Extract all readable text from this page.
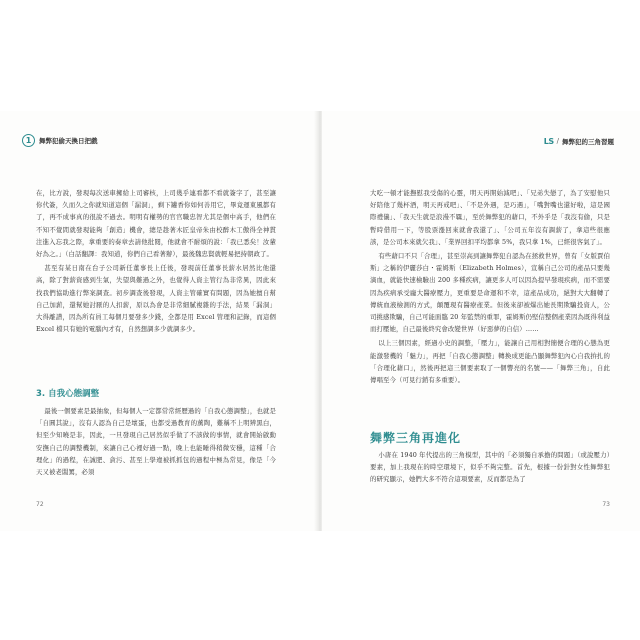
1	舞弊犯偷天換日把戲

在，比方說，發現每次送車擁給上司審核，上司幾乎連看都不看就簽字了，甚至讓你代簽，久而久之你就知道這個「漏洞」，剩下罐香你如何善用它，畢竟運東風都有了，再不成事真的很說不過去。明明有權勢的官官職忠智尤其是個中高手，他們在不知不覺間就發現能夠「創造」機會，總是趁著木匠皇帝朱由校醉木工傲得全神貫注進入忘我之際，拿重要的奏章去請他批閱，他就會不耐煩的說：「我已悉矣！汝輩好為之。」（白話翻譯：我知道，你們自己看著辦），最後魏忠賢就輕易把持朝政了。

甚至有某日南在台子公司新任董事長上任後，發現前任董事長薪水居然比他還高，除了對薪資感到生氣，失望與難過之外，也覺得人資主管行為非常異，因此來找我們協助進行弊案調查。初步調查後發現，人資主管確實有問題，因為她擅自幫自己加薪，還幫她討厭的人扣薪，原以為會是非常細膩複雜的手法，結果「漏洞」大得離譜，因為所有員工每個月要發多少錢，全都是用 Excel 管理和記錄，而這個 Excel 檔只有她的電腦內才有，自然想調多少就調多少。

3. 自我心態調整

最後一個要素是最抽象，但每個人一定都常常經歷過的「自我心態調整」，也就是「自圓其說」，沒有人認為自己是壞蛋，也都受過教育的薰陶，難稱不上明辨黑白，但至少知曉是非，因此，一旦發現自己居然似乎做了不該做的事情，就會開始啟動安撫自己的調整機制，來讓自己心裡好過一點，晚上也能睡得稍微安穩，這種「合理化」的過程，在誠肥、貪污、甚至上學違被抓抓包的過程中極為常見，像是「今天又被老闆罵，必須

72
LS / 舞弊犯的三角習題

大吃一頓才能撫慰我受傷的心靈，明天再開始減吧」、「兄弟失戀了，為了安慰他只好陪他了幾杯酒，明天再戒吧」、「不是外遇，是巧遇」，「嘴對嘴也還好啦，這是國際禮儀」、「我天生就是浪漫不羈」，至於舞弊犯的藉口，不外乎是「我沒有偷，只是暫時借用一下，等股票漲回來就會我還了」、「公司五年沒有調薪了，拿這些很應該，是公司本來就欠我」、「業界回扣平均都拿 5%，我只拿 1%，已經很客氣了」。

有些藉口不只「合理」，甚至崇高到讓舞弊犯自認為在拯救世界，曾有「女版賈伯斯」之稱的伊麗莎白・霍姆斯（Elizabeth Holmes），宣稱自己公司的產品只要幾滴血，就能快速檢驗出 200 多種疾病，讓更多人可以因為提早發現疾病，而不需要因為疾病承受龐大醫療壓力，更重要是命運和不幸，這產品成功，絕對大大翻轉了傳統血液檢測的方式，顛覆現有醫療產業。但後來卻被爆出她長期欺騙投資人，公司挑感欺騙，自己可能面臨 20 年監禁的重罪，霍姆斯仍堅信整個產業因為既得利益而打壓她，自己最後終究會改變世界（好惡夢的自信）……

以上三個因素，經過小史的調整，「壓力」，能讓自己用相對簡便合理的心態為更能激發機的「魅力」，再把「自我心態調整」轉換成更能凸顯舞弊犯內心自我拚扎的「合理化藉口」，然後再把這三個要素取了一個響亮的名號——「舞弊三角」，自此傳唱至今（可見行銷有多重要）。

舞弊三角再進化

小唐在 1940 年代提出的三角模型，其中的「必須獨自承擔的問題」（或說壓力）要素，加上我現在的時空環境下，似乎不夠完整。首先，根據一份針對女性舞弊犯的研究顯示，她們大多不符合這項要素，反而都是為了

73
